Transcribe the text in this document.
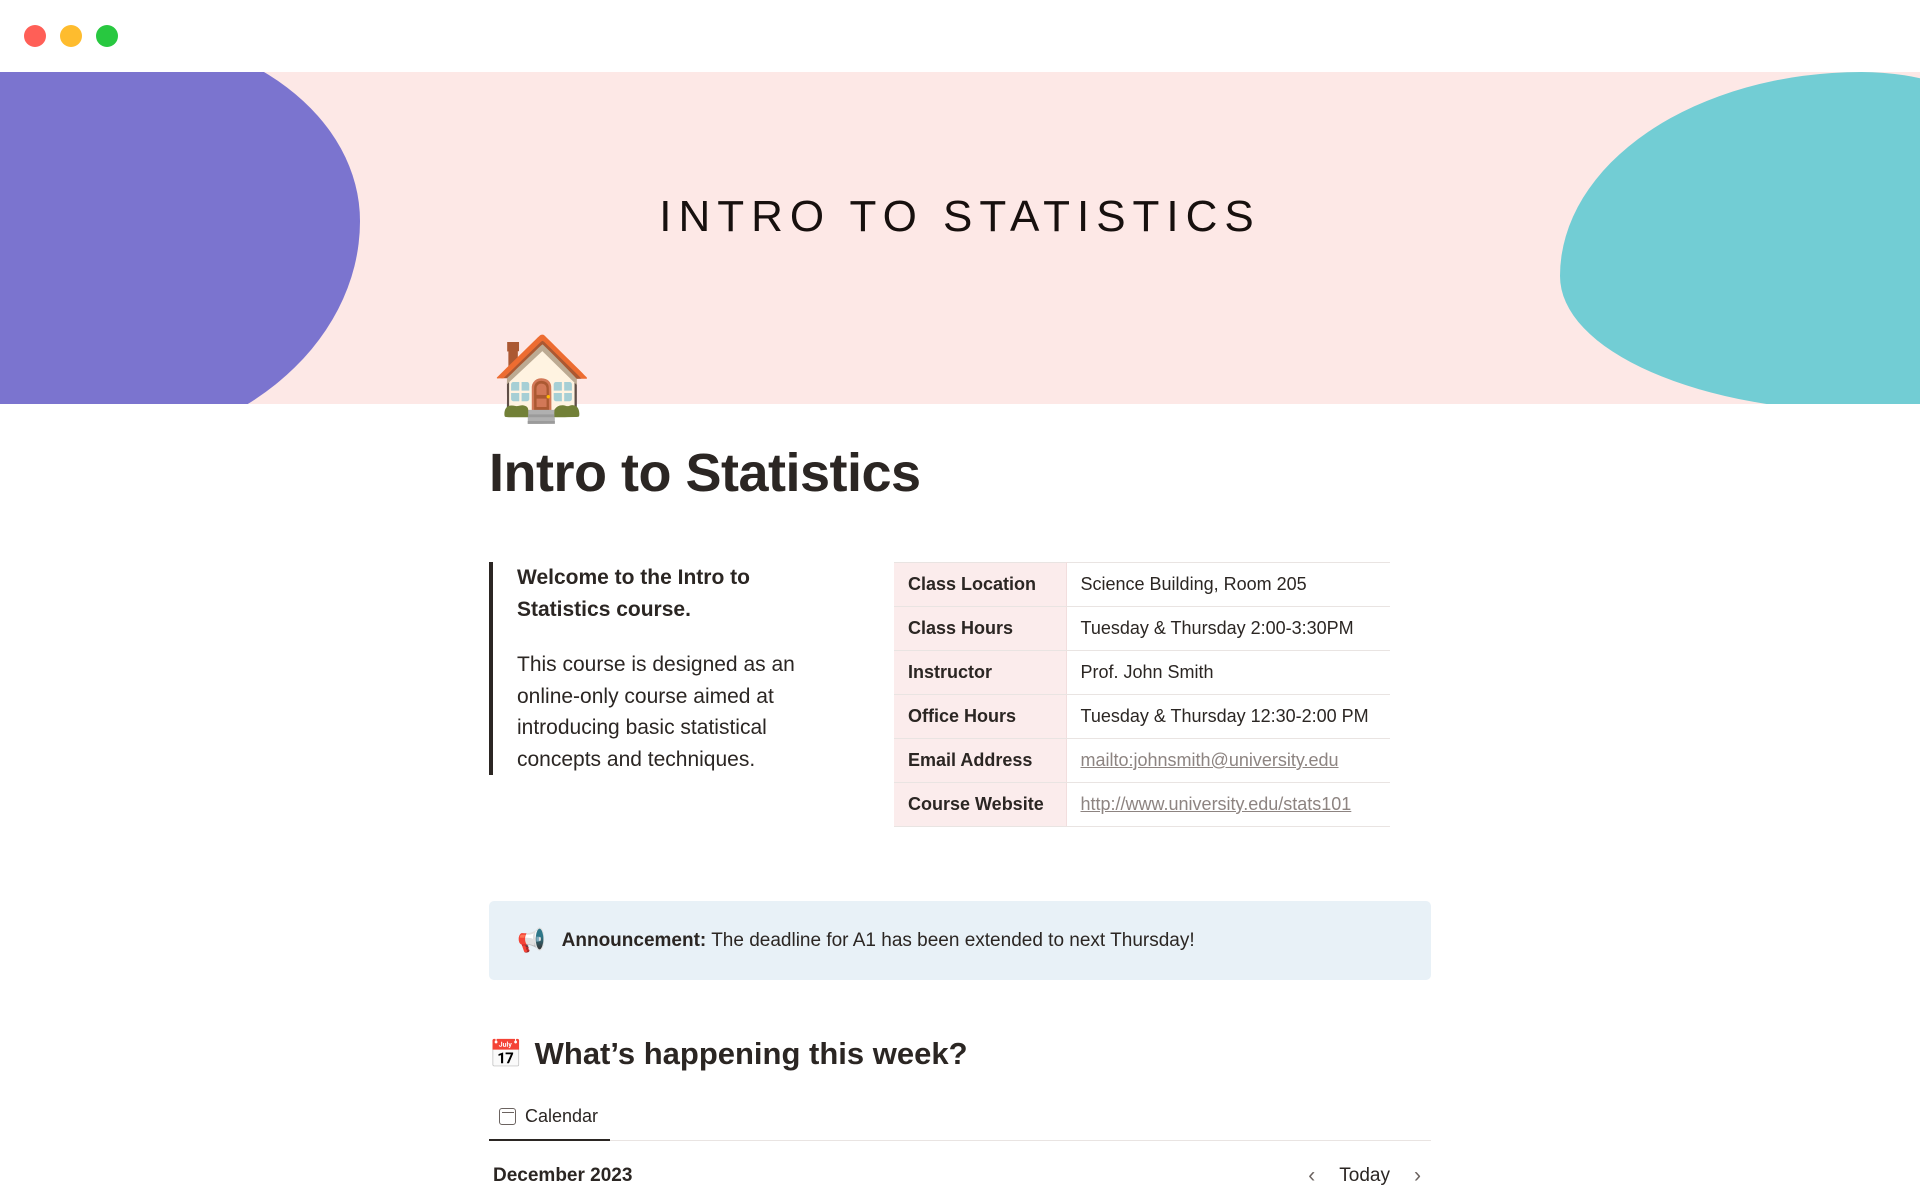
INTRO TO STATISTICS
🏠
Intro to Statistics

Welcome to the Intro to Statistics course.

This course is designed as an online-only course aimed at introducing basic statistical concepts and techniques.

Class Location	Science Building, Room 205
Class Hours	Tuesday & Thursday 2:00-3:30PM
Instructor	Prof. John Smith
Office Hours	Tuesday & Thursday 12:30-2:00 PM
Email Address	mailto:johnsmith@university.edu
Course Website	http://www.university.edu/stats101
📢 Announcement: The deadline for A1 has been extended to next Thursday!
📅 What’s happening this week?
Calendar
December 2023	‹	Today ›
